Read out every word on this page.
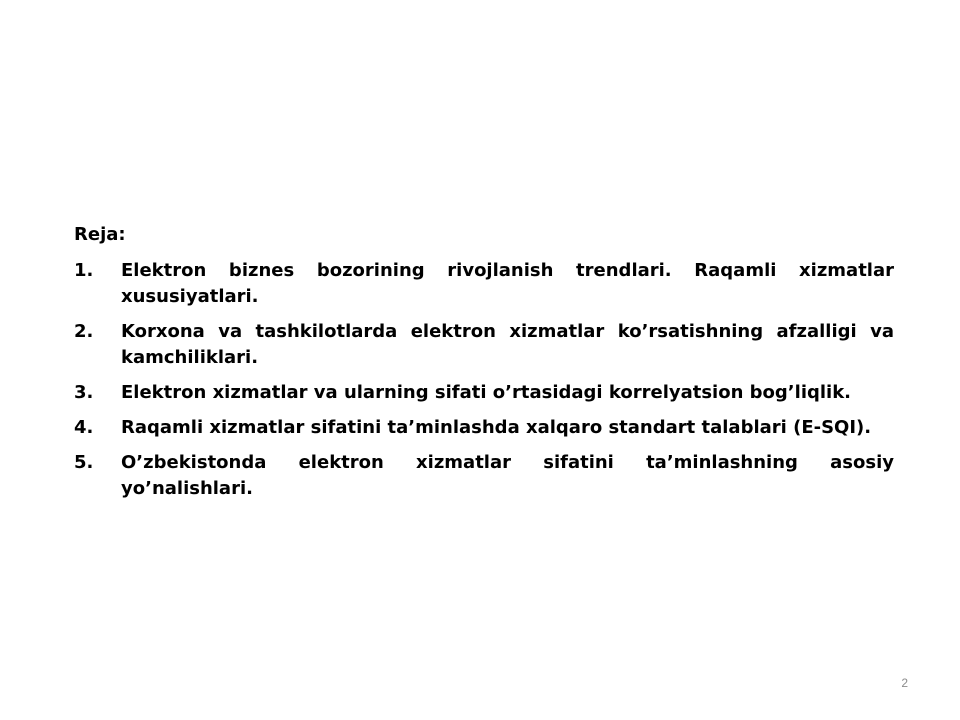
Reja:
1.	Elektron biznes bozorining rivojlanish trendlari. Raqamli xizmatlar xususiyatlari.
2.	Korxona va tashkilotlarda elektron xizmatlar ko’rsatishning afzalligi va kamchiliklari.
3.	Elektron xizmatlar va ularning sifati o’rtasidagi korrelyatsion bog’liqlik.
4.	Raqamli xizmatlar sifatini ta’minlashda xalqaro standart talablari (E-SQI).
5.	O’zbekistonda elektron xizmatlar sifatini ta’minlashning asosiy yo’nalishlari.
2
